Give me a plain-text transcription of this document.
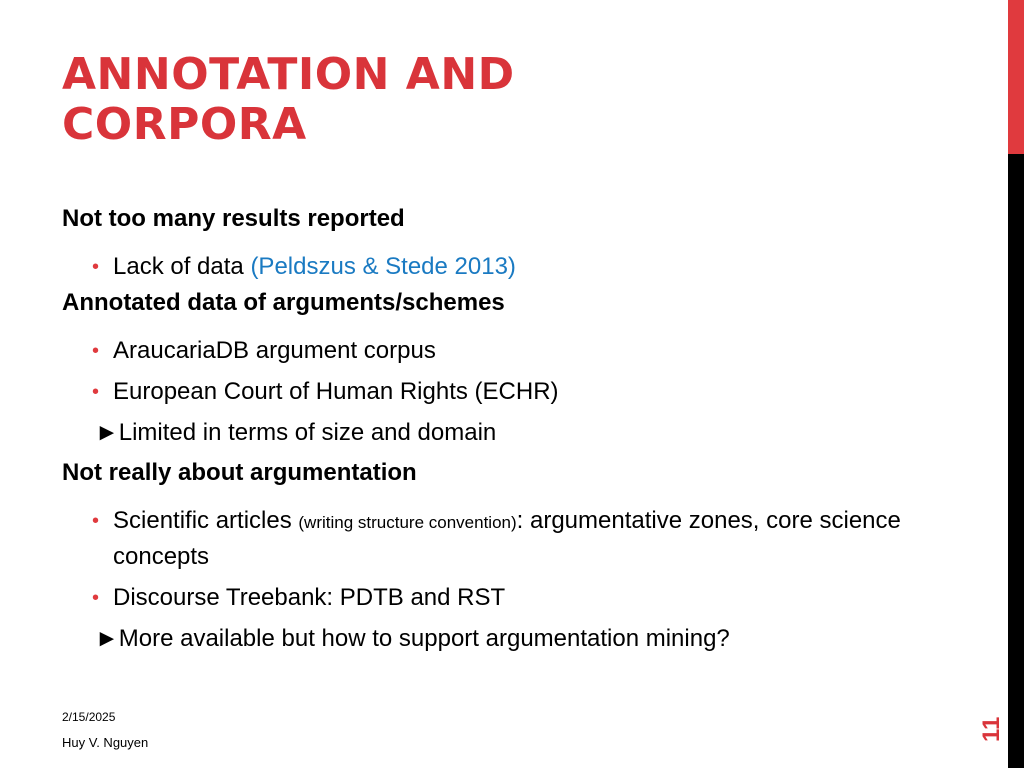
ANNOTATION AND
CORPORA

Not too many results reported

• Lack of data (Peldszus & Stede 2013)

Annotated data of arguments/schemes

• AraucariaDB argument corpus

• European Court of Human Rights (ECHR)

►Limited in terms of size and domain

Not really about argumentation

• Scientific articles (writing structure convention): argumentative zones, core science concepts

• Discourse Treebank: PDTB and RST

►More available but how to support argumentation mining?

2/15/2025
Huy V. Nguyen
11
